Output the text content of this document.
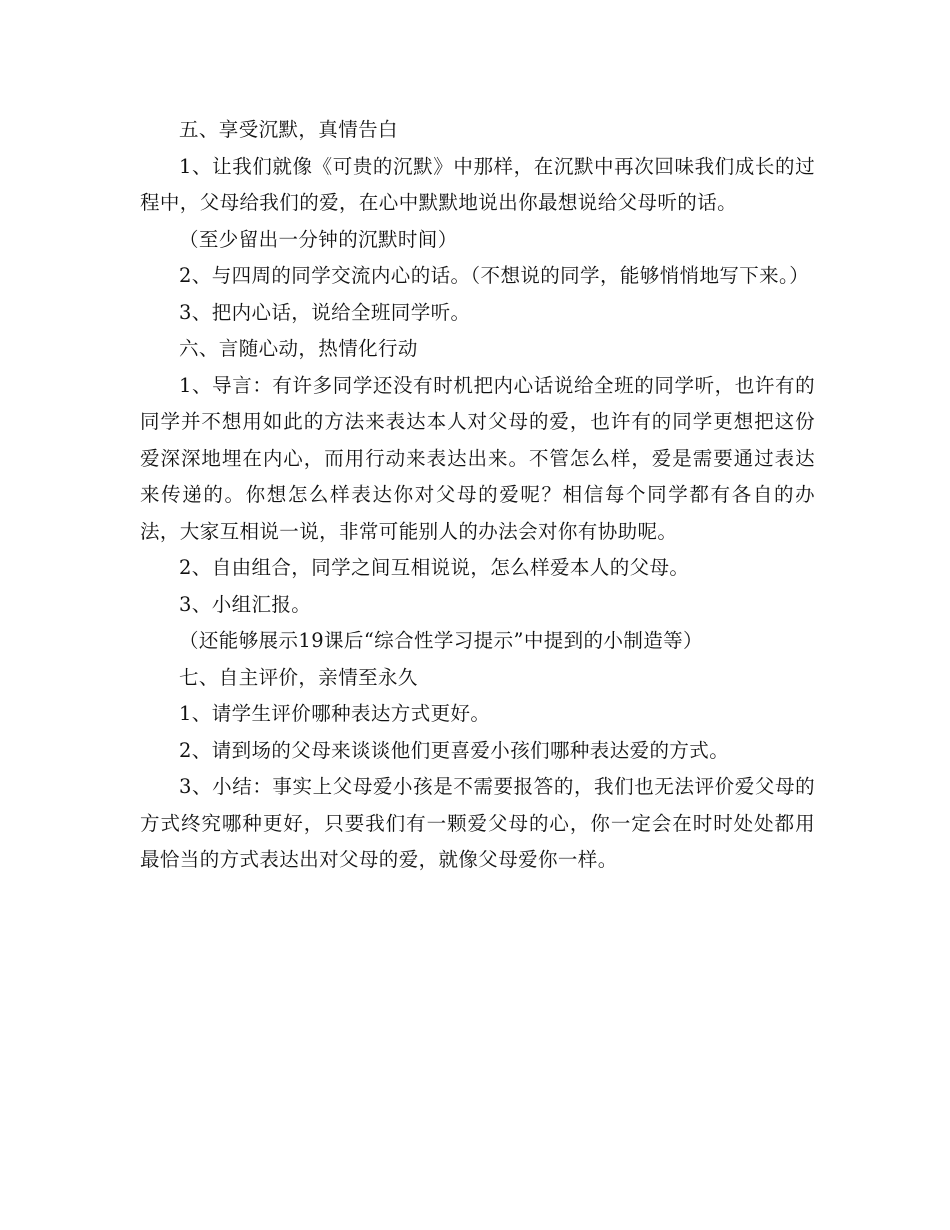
五、享受沉默，真情告白

1、让我们就像《可贵的沉默》中那样，在沉默中再次回味我们成长的过程中，父母给我们的爱，在心中默默地说出你最想说给父母听的话。

（至少留出一分钟的沉默时间）

2、与四周的同学交流内心的话。（不想说的同学，能够悄悄地写下来。）

3、把内心话，说给全班同学听。

六、言随心动，热情化行动

1、导言：有许多同学还没有时机把内心话说给全班的同学听，也许有的同学并不想用如此的方法来表达本人对父母的爱，也许有的同学更想把这份爱深深地埋在内心，而用行动来表达出来。不管怎么样，爱是需要通过表达来传递的。你想怎么样表达你对父母的爱呢？相信每个同学都有各自的办法，大家互相说一说，非常可能别人的办法会对你有协助呢。

2、自由组合，同学之间互相说说，怎么样爱本人的父母。

3、小组汇报。

（还能够展示19课后“综合性学习提示”中提到的小制造等）

七、自主评价，亲情至永久

1、请学生评价哪种表达方式更好。

2、请到场的父母来谈谈他们更喜爱小孩们哪种表达爱的方式。

3、小结：事实上父母爱小孩是不需要报答的，我们也无法评价爱父母的方式终究哪种更好，只要我们有一颗爱父母的心，你一定会在时时处处都用最恰当的方式表达出对父母的爱，就像父母爱你一样。
